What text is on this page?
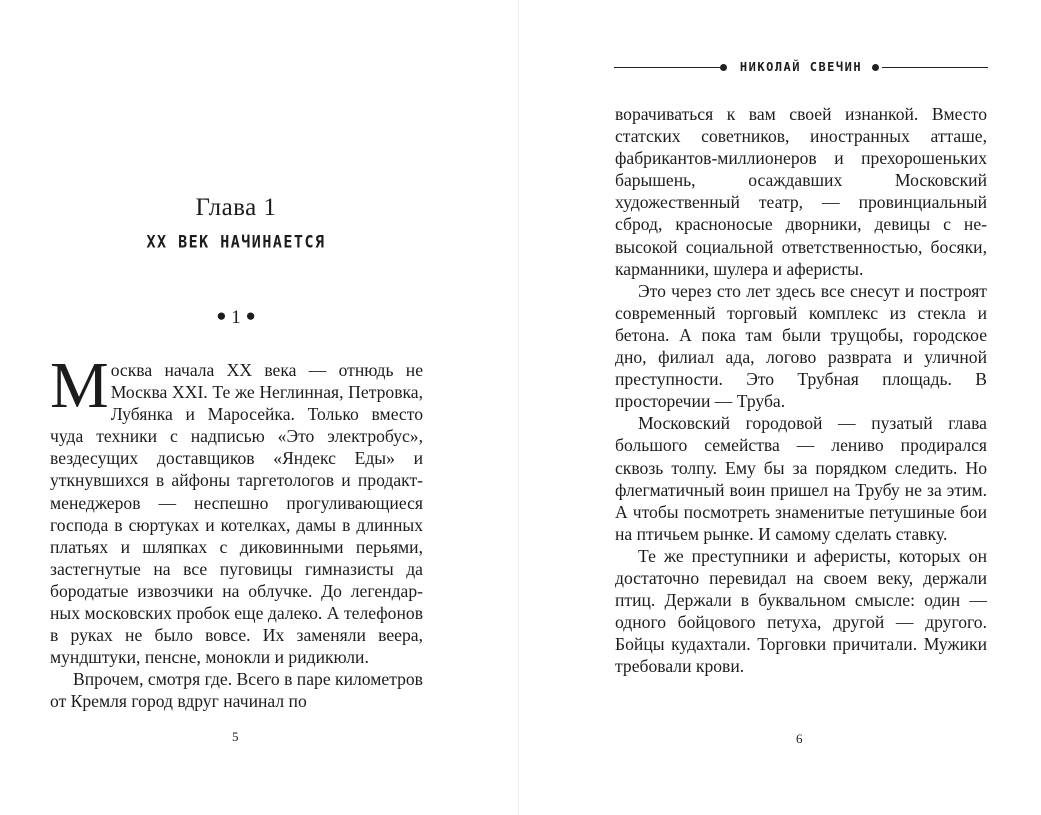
Глава 1
XX ВЕК НАЧИНАЕТСЯ
● 1 ●

Москва начала XX века — отнюдь не Москва XXI. Те же Неглинная, Петровка, Лубянка и Маросейка. Только вместо чуда техники с надписью «Это электробус», вездесущих доставщиков «Яндекс Еды» и уткнувшихся в айфоны таргетологов и продакт-менеджеров — неспешно прогуливающиеся господа в сюртуках и котелках, дамы в длинных платьях и шляпках с диковинными перьями, застегнутые на все пуговицы гимназисты да бородатые извозчики на облучке. До легендарных московских пробок еще далеко. А телефонов в руках не было вовсе. Их заменяли веера, мундштуки, пенсне, монокли и ридикюли.

Впрочем, смотря где. Всего в паре километров от Кремля город вдруг начинал по

5
НИКОЛАЙ СВЕЧИН

ворачиваться к вам своей изнанкой. Вместо статских советников, иностранных атташе, фабрикантов-миллионеров и прехорошеньких барышень, осаждавших Московский художественный театр, — провинциальный сброд, красноносые дворники, девицы с невысокой социальной ответственностью, босяки, карманники, шулера и аферисты.

Это через сто лет здесь все снесут и построят современный торговый комплекс из стекла и бетона. А пока там были трущобы, городское дно, филиал ада, логово разврата и уличной преступности. Это Трубная площадь. В просторечии — Труба.

Московский городовой — пузатый глава большого семейства — лениво продирался сквозь толпу. Ему бы за порядком следить. Но флегматичный воин пришел на Трубу не за этим. А чтобы посмотреть знаменитые петушиные бои на птичьем рынке. И самому сделать ставку.

Те же преступники и аферисты, которых он достаточно перевидал на своем веку, держали птиц. Держали в буквальном смысле: один — одного бойцового петуха, другой — другого. Бойцы кудахтали. Торговки причитали. Мужики требовали крови.

6
